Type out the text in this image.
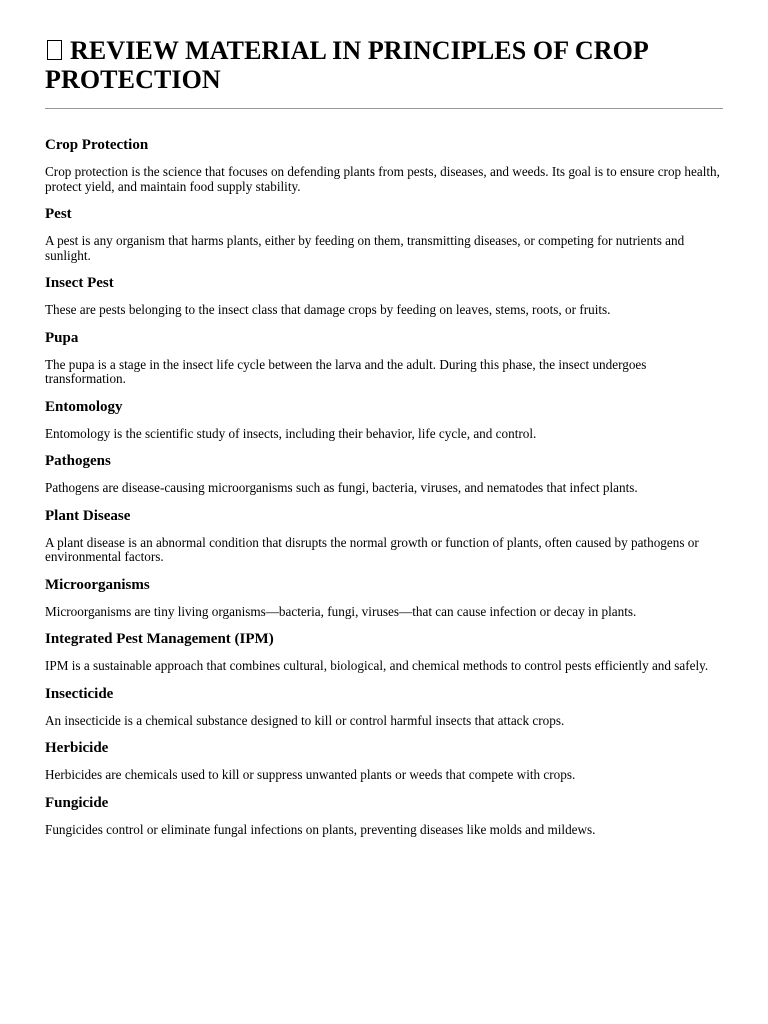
REVIEW MATERIAL IN PRINCIPLES OF CROP PROTECTION
Crop Protection

Crop protection is the science that focuses on defending plants from pests, diseases, and weeds. Its goal is to ensure crop health, protect yield, and maintain food supply stability.

Pest

A pest is any organism that harms plants, either by feeding on them, transmitting diseases, or competing for nutrients and sunlight.

Insect Pest

These are pests belonging to the insect class that damage crops by feeding on leaves, stems, roots, or fruits.

Pupa

The pupa is a stage in the insect life cycle between the larva and the adult. During this phase, the insect undergoes transformation.

Entomology

Entomology is the scientific study of insects, including their behavior, life cycle, and control.

Pathogens

Pathogens are disease-causing microorganisms such as fungi, bacteria, viruses, and nematodes that infect plants.

Plant Disease

A plant disease is an abnormal condition that disrupts the normal growth or function of plants, often caused by pathogens or environmental factors.

Microorganisms

Microorganisms are tiny living organisms—bacteria, fungi, viruses—that can cause infection or decay in plants.

Integrated Pest Management (IPM)

IPM is a sustainable approach that combines cultural, biological, and chemical methods to control pests efficiently and safely.

Insecticide

An insecticide is a chemical substance designed to kill or control harmful insects that attack crops.

Herbicide

Herbicides are chemicals used to kill or suppress unwanted plants or weeds that compete with crops.

Fungicide

Fungicides control or eliminate fungal infections on plants, preventing diseases like molds and mildews.
